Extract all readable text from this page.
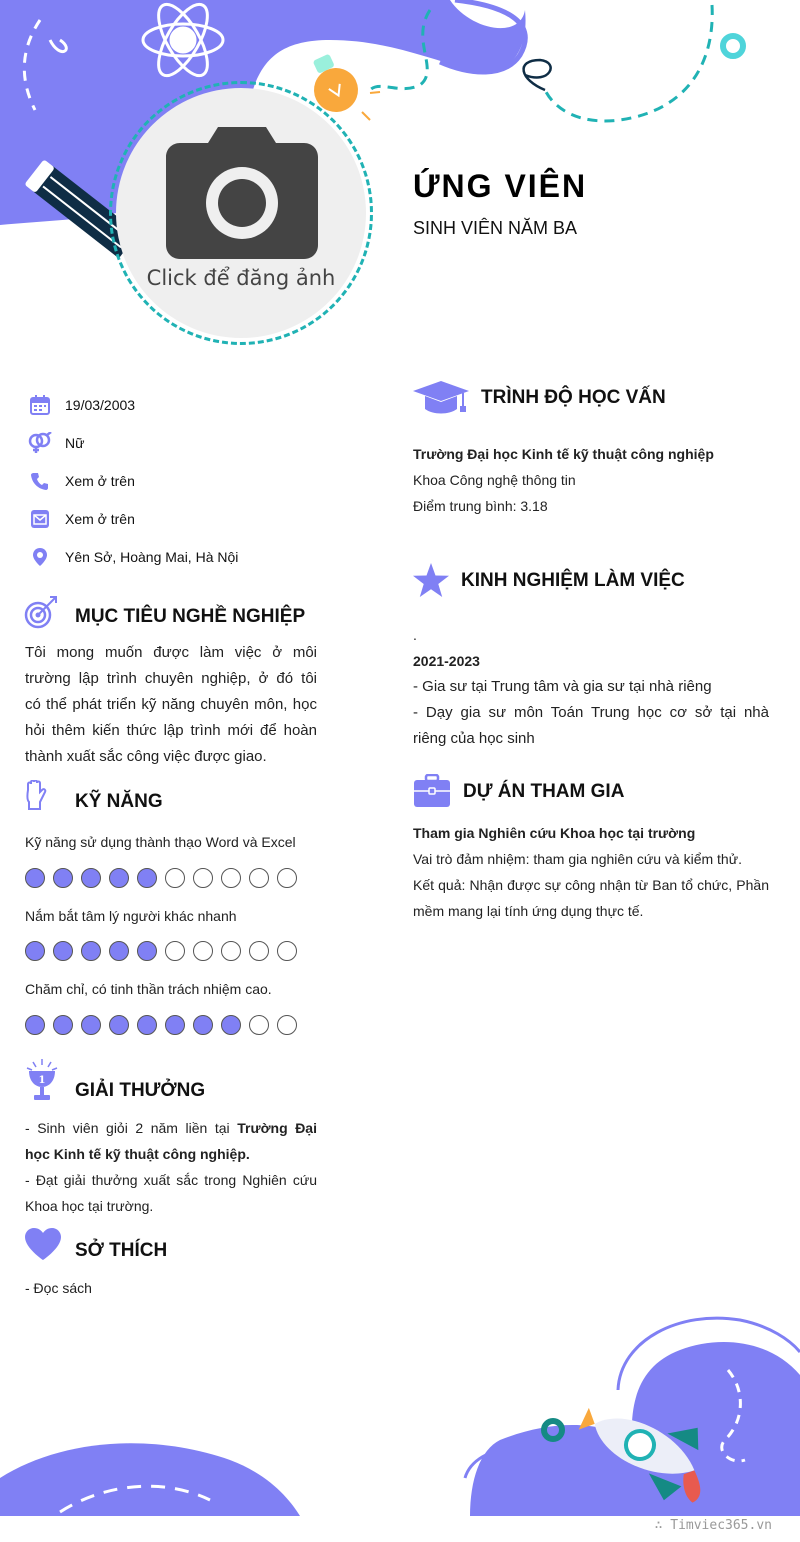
Click để đăng ảnh
ỨNG VIÊN
SINH VIÊN NĂM BA
19/03/2003
Nữ
Xem ở trên
Xem ở trên
Yên Sở, Hoàng Mai, Hà Nội
MỤC TIÊU NGHỀ NGHIỆP
Tôi mong muốn được làm việc ở môi
trường lập trình chuyên nghiệp, ở đó tôi
có thể phát triển kỹ năng chuyên môn, học
hỏi thêm kiến thức lập trình mới để hoàn
thành xuất sắc công việc được giao.
KỸ NĂNG
Kỹ năng sử dụng thành thạo Word và Excel
Nắm bắt tâm lý người khác nhanh
Chăm chỉ, có tinh thần trách nhiệm cao.
1 GIẢI THƯỞNG
- Sinh viên giỏi 2 năm liền tại Trường Đại
học Kinh tế kỹ thuật công nghiệp.
- Đạt giải thưởng xuất sắc trong Nghiên cứu
Khoa học tại trường.
SỞ THÍCH
- Đọc sách
TRÌNH ĐỘ HỌC VẤN
Trường Đại học Kinh tế kỹ thuật công nghiệp
Khoa Công nghệ thông tin
Điểm trung bình: 3.18
KINH NGHIỆM LÀM VIỆC
.
2021-2023
- Gia sư tại Trung tâm và gia sư tại nhà riêng
- Dạy gia sư môn Toán Trung học cơ sở tại nhà
riêng của học sinh
DỰ ÁN THAM GIA
Tham gia Nghiên cứu Khoa học tại trường
Vai trò đảm nhiệm: tham gia nghiên cứu và kiểm thử.
Kết quả: Nhận được sự công nhận từ Ban tổ chức, Phần
mềm mang lại tính ứng dụng thực tế.
∴ Timviec365.vn
